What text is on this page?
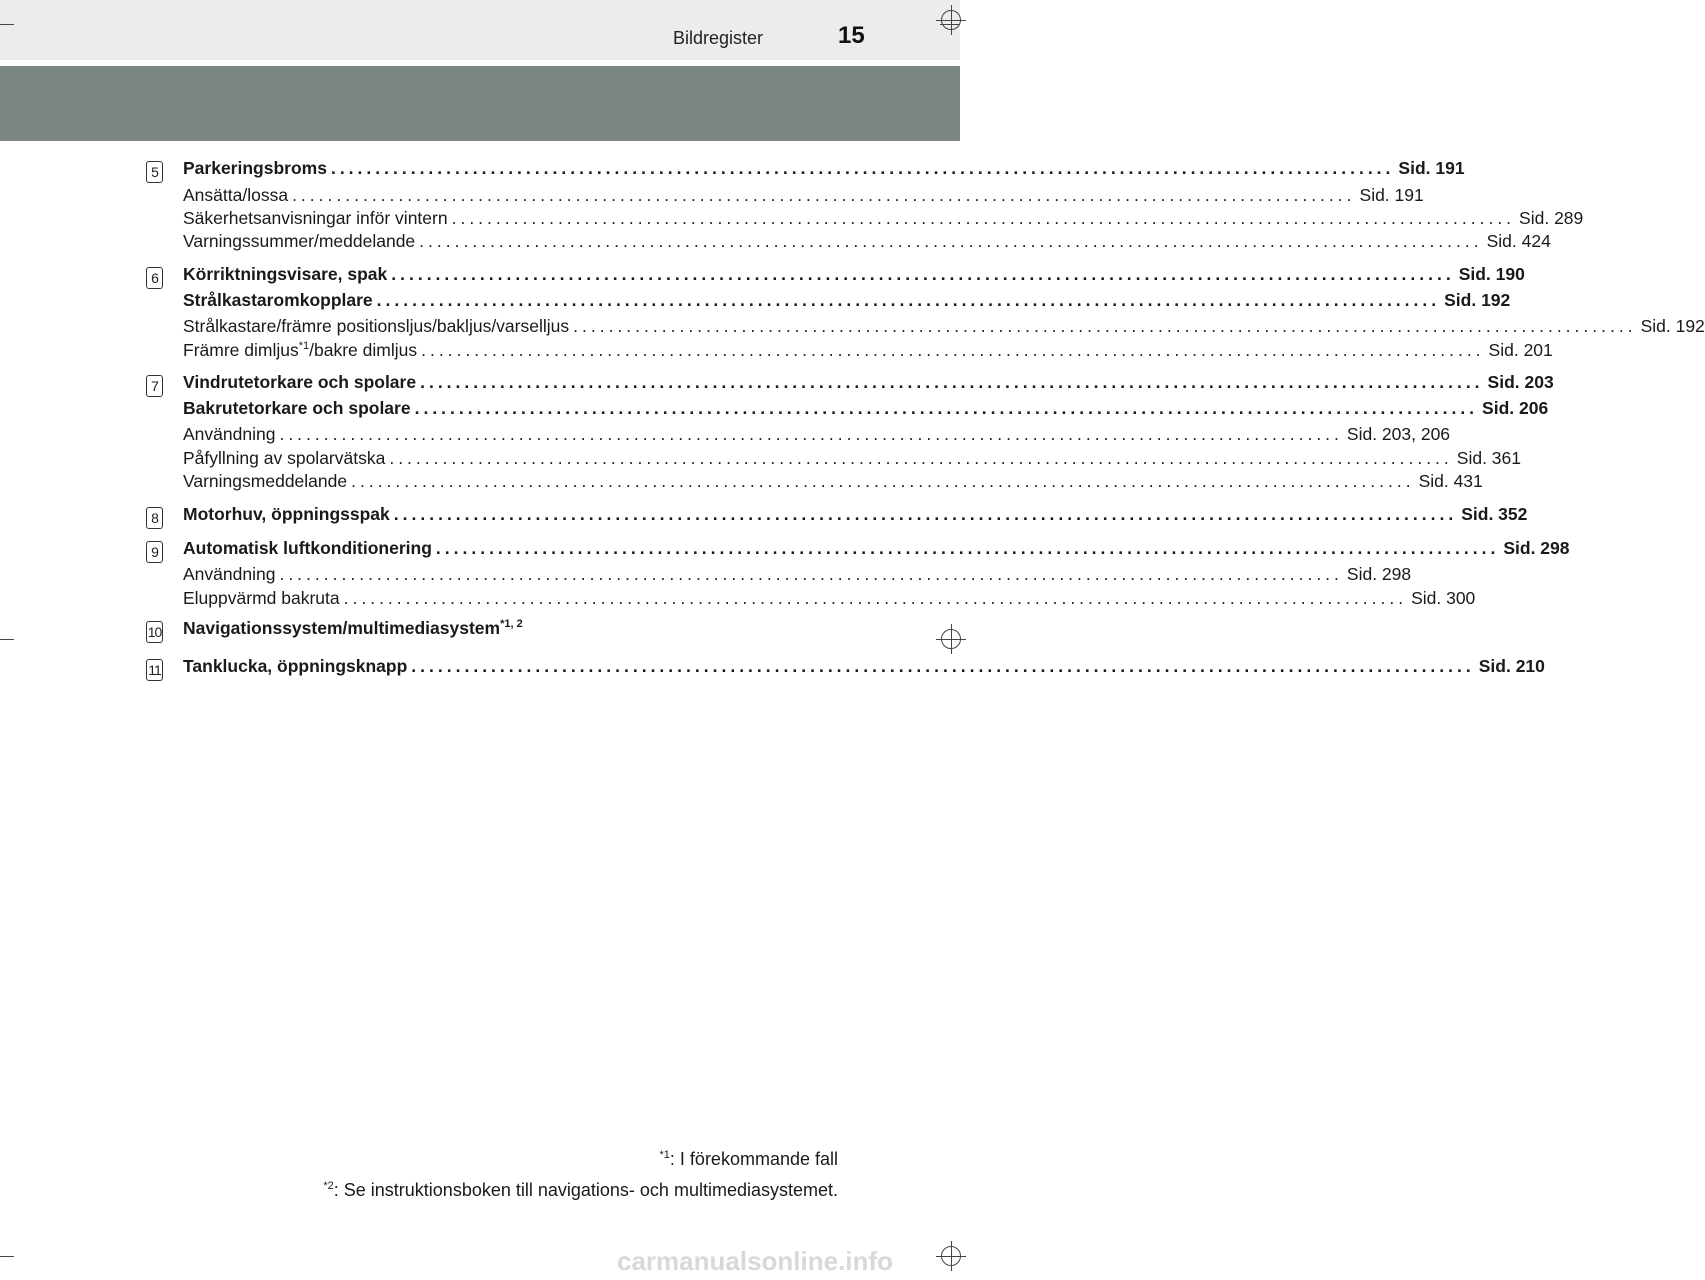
Bildregister	15
5 Parkeringsbroms ........................................................................................................................ Sid. 191
Ansätta/lossa ........................................................................................................................ Sid. 191
Säkerhetsanvisningar inför vintern ........................................................................................................................ Sid. 289
Varningssummer/meddelande ........................................................................................................................ Sid. 424
6 Körriktningsvisare, spak ........................................................................................................................ Sid. 190
Strålkastaromkopplare ........................................................................................................................ Sid. 192
Strålkastare/främre positionsljus/bakljus/varselljus ........................................................................................................................ Sid. 192
Främre dimljus$^{*1}$/bakre dimljus ........................................................................................................................ Sid. 201
7 Vindrutetorkare och spolare ........................................................................................................................ Sid. 203
Bakrutetorkare och spolare ........................................................................................................................ Sid. 206
Användning ........................................................................................................................ Sid. 203, 206
Påfyllning av spolarvätska ........................................................................................................................ Sid. 361
Varningsmeddelande ........................................................................................................................ Sid. 431
8 Motorhuv, öppningsspak ........................................................................................................................ Sid. 352
9 Automatisk luftkonditionering ........................................................................................................................ Sid. 298
Användning ........................................................................................................................ Sid. 298
Eluppvärmd bakruta ........................................................................................................................ Sid. 300
10 Navigationssystem/multimediasystem$^{*1, 2}$
11 Tanklucka, öppningsknapp ........................................................................................................................ Sid. 210
$^{*1}$: I förekommande fall
$^{*2}$: Se instruktionsboken till navigations- och multimediasystemet.
carmanualsonline.info
